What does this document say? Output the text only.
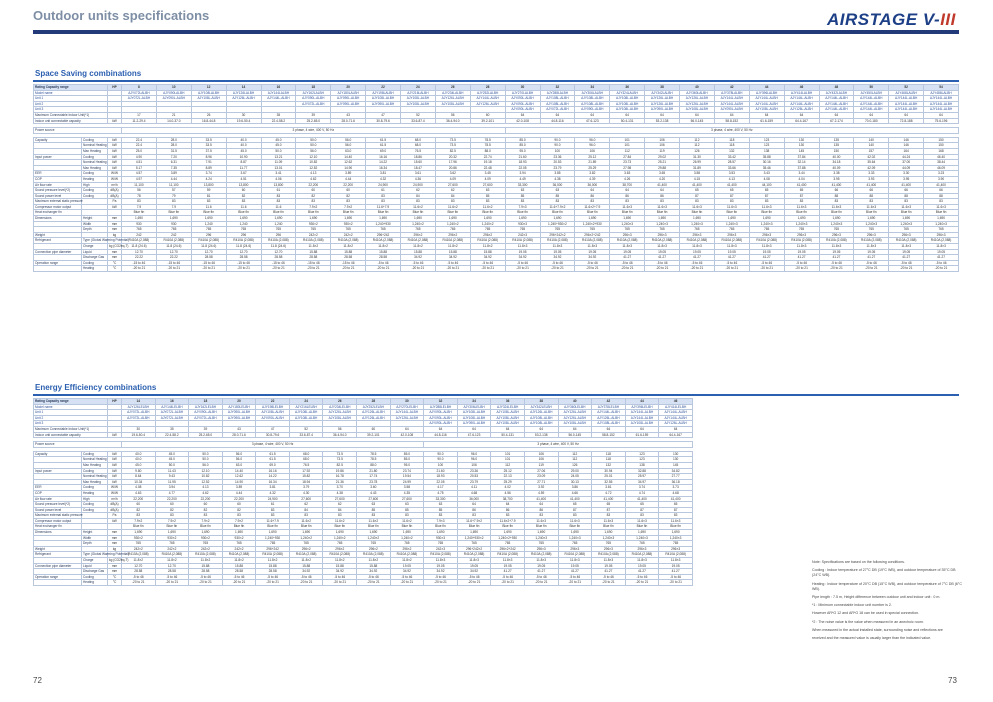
Outdoor units specifications	AIRSTAGE V-III
Space Saving combinations
Rating Capacity range		HP	8	10	12	14	16	18	20	22	24	26	28	30	32	34	36	38	40	42	44	46	48	50	52	54
Model name			AJY072LALBH	AJY090LALBH	AJY108LALBH	AJY126LALBH	AJY144LALBH	AJY162LALBH	AJY180LALBH	AJY198LALBH	AJY216LALBH	AJY234LALBH	AJY252LALBH	AJY270LALBH	AJY288LALBH	AJY306LALBH	AJY324LALBH	AJY342LALBH	AJY360LALBH	AJY378LALBH	AJY396LALBH	AJY414LALBH	AJY432LALBH	AJY450LALBH	AJY468LALBH	AJY486LALBH
Unit 1			AJY072L-ALBH	AJY090L-ALBH	AJY108L-ALBH	AJY126L-ALBH	AJY144L-ALBH	AJY090L-ALBH	AJY090L-ALBH	AJY108L-ALBH	AJY108L-ALBH	AJY126L-ALBH	AJY144L-ALBH	AJY090L-ALBH	AJY108L-ALBH	AJY108L-ALBH	AJY108L-ALBH	AJY126L-ALBH	AJY126L-ALBH	AJY144L-ALBH	AJY144L-ALBH	AJY144L-ALBH	AJY144L-ALBH	AJY144L-ALBH	AJY144L-ALBH	AJY144L-ALBH
Unit 2								AJY072L-ALBH	AJY090L-ALBH	AJY090L-ALBH	AJY108L-ALBH	AJY108L-ALBH	AJY126L-ALBH	AJY090L-ALBH	AJY108L-ALBH	AJY108L-ALBH	AJY108L-ALBH	AJY126L-ALBH	AJY126L-ALBH	AJY144L-ALBH	AJY144L-ALBH	AJY144L-ALBH	AJY144L-ALBH	AJY144L-ALBH	AJY144L-ALBH	AJY144L-ALBH
Unit 3														AJY090L-ALBH	AJY072L-ALBH	AJY090L-ALBH	AJY108L-ALBH	AJY090L-ALBH	AJY108L-ALBH	AJY090L-ALBH	AJY108L-ALBH	AJY126L-ALBH	AJY144L-ALBH	AJY144L-ALBH	AJY144L-ALBH	AJY144L-ALBH
Maximum Connectable Indoor Unit(*1)			17	21	26	30	35	39	43	47	52	56	60	64	64	64	64	64	64	64	64	64	64	64	64	64
Indoor unit connectable capacity		kW	11.2-29.4	14.0-37.0	16.8-44.8	19.6-50.4	22.4-58.2	25.2-65.0	28.0-71.6	30.8-79.6	33.6-87.4	36.4-94.0	39.2-101	42.0-108	44.8-116	47.6-123	50.4-131	53.2-138	56.0-145	58.8-152	61.6-159	64.4-167	67.2-174	70.0-180	72.8-188	75.6-196

Power source			3 phase, 4 wire, 400 V, 50 Hz											3 phase, 4 wire, 400 V, 50 Hz												

Capacity	Cooling	kW	22.4	28.0	33.5	40.0	45.0	50.0	56.0	61.5	68.0	73.5	78.5	85.0	90.0	96.0	101	106	112	118	123	130	135	140	146	150
	Nominal Heating	kW	22.4	28.0	33.5	40.0	45.0	50.0	56.0	61.5	68.0	73.5	78.5	85.0	90.0	96.0	101	106	112	118	123	130	135	140	146	150
	Max Heating	kW	25.0	31.5	37.5	45.0	50.0	56.0	63.0	69.0	76.5	82.5	88.0	95.0	100	106	112	119	126	132	138	145	150	157	164	168
Input power	Cooling	kW	4.90	7.20	8.96	10.90	13.21	12.10	14.40	16.16	18.86	20.32	22.74	21.60	23.36	25.12	27.84	29.02	31.30	33.42	35.88	37.84	40.00	42.02	44.24	46.40
	Nominal Heating	kW	4.51	6.31	7.91	8.87	11.09	10.82	12.62	14.22	15.60	17.96	19.18	18.93	20.53	21.89	23.73	25.21	26.99	28.57	30.16	32.14	34.18	35.64	37.00	38.44
	Max Heating	kW	5.17	7.35	8.89	11.77	13.01	12.52	14.90	16.34	18.47	20.86	22.48	22.05	23.79	25.29	27.98	29.88	31.89	33.66	35.46	37.88	40.09	42.09	44.09	46.09
EER	Cooling	W/W	4.57	3.89	3.74	3.67	3.41	4.13	3.89	3.81	3.61	3.62	3.45	3.94	3.85	3.82	3.63	3.65	3.58	3.53	3.43	3.44	3.38	3.33	3.30	3.23
COP	Heating	W/W	4.97	4.44	4.24	4.51	4.06	4.62	4.44	4.32	4.36	4.09	4.09	4.49	4.38	4.39	4.26	4.20	4.15	4.13	4.08	4.04	3.95	3.93	3.95	3.90
Air flow rate	High	m³/h	11,100	11,100	13,800	13,800	13,800	22,200	22,200	24,900	24,900	27,600	27,600	33,300	36,000	36,000	38,700	41,400	41,400	41,400	44,100	41,400	41,400	41,400	41,400	41,400
Sound pressure level(*2)	Cooling	dB(A)	56	57	59	60	61	60	60	61	62	62	63	63	63	64	64	64	65	65	65	65	66	66	66	66
Sound power level	Cooling	dB(A)	78	79	81	82	83	82	82	83	84	84	85	85	85	86	86	86	87	87	87	87	88	88	88	88
Maximum external static pressure		Pa	83	83	83	83	83	83	83	83	83	83	83	83	83	83	83	83	83	83	83	83	83	83	83	83
Compressor motor output		kW	7.9	7.9	11.6	11.6	11.6	7.9×2	7.9×2	11.6+7.9	11.6×2	11.6×2	11.6×2	7.9×3	11.6+7.9×2	11.6×2+7.9	11.6×3	11.6×3	11.6×3	11.6×3	11.6×3	11.6×3	11.6×3	11.6×3	11.6×3	11.6×3
Heat exchanger fin			Blue fin	Blue fin	Blue fin	Blue fin	Blue fin	Blue fin	Blue fin	Blue fin	Blue fin	Blue fin	Blue fin	Blue fin	Blue fin	Blue fin	Blue fin	Blue fin	Blue fin	Blue fin	Blue fin	Blue fin	Blue fin	Blue fin	Blue fin	Blue fin
Dimensions	Height	mm	1,690	1,690	1,690	1,690	1,690	1,690	1,690	1,690	1,690	1,690	1,690	1,690	1,690	1,690	1,690	1,690	1,690	1,690	1,690	1,690	1,690	1,690	1,690	1,690
	Width	mm	930	930	1,240	1,240	1,240	930×2	930×2	1,240+930	1,240×2	1,240×2	1,240×2	930×3	1,240+930×2	1,240×2+930	1,240×3	1,240×3	1,240×3	1,240×3	1,240×3	1,240×3	1,240×3	1,240×3	1,240×3	1,240×3
	Depth	mm	765	765	765	765	765	765	765	765	765	765	765	765	765	765	765	765	765	765	765	765	765	765	765	765
Weight		kg	242	242	296	296	296	242×2	242×2	296+242	296×2	296×2	296×2	242×3	296+242×2	296×2+242	296×3	296×3	296×3	296×3	296×3	296×3	296×3	296×3	296×3	296×3
Refrigerant	Type (Global Warming Potential)		R410A (2,088)	R410A (2,088)	R410A (2,088)	R410A (2,088)	R410A (2,088)	R410A (2,088)	R410A (2,088)	R410A (2,088)	R410A (2,088)	R410A (2,088)	R410A (2,088)	R410A (2,088)	R410A (2,088)	R410A (2,088)	R410A (2,088)	R410A (2,088)	R410A (2,088)	R410A (2,088)	R410A (2,088)	R410A (2,088)	R410A (2,088)	R410A (2,088)	R410A (2,088)	R410A (2,088)
	Charge	kg (CO2eq-T)	11.8 (24.6)	11.8 (24.6)	11.8 (24.6)	11.8 (24.6)	11.8 (24.6)	11.8×2	11.8×2	11.8×2	11.8×2	11.8×2	11.8×2	11.8×3	11.8×3	11.8×3	11.8×3	11.8×3	11.8×3	11.8×3	11.8×3	11.8×3	11.8×3	11.8×3	11.8×3	11.8×3
Connection pipe diameter	Liquid	mm	12.70	12.70	12.70	12.70	12.70	15.88	15.88	15.88	15.88	15.88	15.88	19.05	19.05	19.05	19.05	19.05	19.05	19.05	19.05	19.05	19.05	19.05	19.05	19.05
	Discharge Gas	mm	22.22	22.22	28.58	28.58	28.58	28.58	28.58	28.58	34.92	34.92	34.92	34.92	34.92	34.92	41.27	41.27	41.27	41.27	41.27	41.27	41.27	41.27	41.27	41.27
Operation range	Cooling	°C	-15 to 46	-15 to 46	-15 to 46	-15 to 46	-15 to 46	-15 to 46	-15 to 46	-5 to 46	-5 to 46	-5 to 46	-5 to 46	-5 to 46	-5 to 46	-5 to 46	-5 to 46	-5 to 46	-5 to 46	-5 to 46	-5 to 46	-5 to 46	-5 to 46	-5 to 46	-5 to 46	-5 to 46
	Heating	°C	-20 to 21	-20 to 21	-20 to 21	-20 to 21	-20 to 21	-20 to 21	-20 to 21	-20 to 21	-20 to 21	-20 to 21	-20 to 21	-20 to 21	-20 to 21	-20 to 21	-20 to 21	-20 to 21	-20 to 21	-20 to 21	-20 to 21	-20 to 21	-20 to 21	-20 to 21	-20 to 21	-20 to 21
Energy Efficiency combinations
Rating Capacity range		HP	14	16	18	20	22	24	26	28	30	32	34	36	38	40	42	44	46
Model name			AJY126LELBH	AJY144LELBH	AJY162LELBH	AJY180LELBH	AJY198LELBH	AJY216LELBH	AJY234LELBH	AJY252LELBH	AJY270LELBH	AJY288LELBH	AJY306LELBH	AJY324LELBH	AJY342LELBH	AJY360LELBH	AJY378LELBH	AJY396LELBH	AJY414LELBH
Unit 1			AJY072L-ALBH	AJY072L-ALBH	AJY090L-ALBH	AJY090L-ALBH	AJY108L-ALBH	AJY108L-ALBH	AJY126L-ALBH	AJY126L-ALBH	AJY144L-ALBH	AJY090L-ALBH	AJY108L-ALBH	AJY108L-ALBH	AJY126L-ALBH	AJY126L-ALBH	AJY144L-ALBH	AJY144L-ALBH	AJY144L-ALBH
Unit 2			AJY072L-ALBH	AJY072L-ALBH	AJY072L-ALBH	AJY090L-ALBH	AJY090L-ALBH	AJY108L-ALBH	AJY108L-ALBH	AJY126L-ALBH	AJY126L-ALBH	AJY090L-ALBH	AJY108L-ALBH	AJY108L-ALBH	AJY108L-ALBH	AJY126L-ALBH	AJY126L-ALBH	AJY144L-ALBH	AJY144L-ALBH
Unit 3												AJY090L-ALBH	AJY090L-ALBH	AJY108L-ALBH	AJY108L-ALBH	AJY108L-ALBH	AJY108L-ALBH	AJY108L-ALBH	AJY126L-ALBH
Maximum Connectable Indoor Unit(*1)			30	35	39	43	47	52	56	60	64	64	64	64	64	64	64	64	64
Indoor unit connectable capacity		kW	19.6-50.4	22.4-58.2	25.2-65.0	28.0-71.6	30.8-79.6	33.6-87.4	36.4-94.0	39.2-101	42.0-108	44.8-116	47.6-123	50.4-131	53.2-138	56.0-145	58.8-152	61.6-159	64.4-167

Power source			3 phase, 4 wire, 400 V, 50 Hz									3 phase, 4 wire, 400 V, 50 Hz							

Capacity	Cooling	kW	40.0	45.0	50.0	56.0	61.5	68.0	73.5	78.5	85.0	90.0	96.0	101	106	112	118	123	130
	Nominal Heating	kW	40.0	45.0	50.0	56.0	61.5	68.0	73.5	78.5	85.0	90.0	96.0	101	106	112	118	123	130
	Max Heating	kW	45.0	50.0	56.0	63.0	69.0	76.5	82.5	88.0	95.0	100	106	112	119	126	132	138	145
Input power	Cooling	kW	9.80	11.43	12.10	14.40	16.16	17.92	19.86	21.80	23.74	21.60	23.36	25.12	27.06	29.00	30.94	32.88	34.82
	Nominal Heating	kW	8.64	9.43	10.82	12.62	14.22	15.82	16.78	17.74	19.54	18.93	20.53	22.13	23.09	24.05	25.01	25.97	27.77
	Max Heating	kW	10.34	11.95	12.52	14.90	16.34	18.94	21.36	23.78	24.99	22.05	23.79	25.29	27.71	30.13	32.55	34.97	36.18
EER	Cooling	W/W	4.08	3.94	4.13	3.89	3.81	3.79	3.70	3.60	3.58	4.17	4.11	4.02	3.92	3.86	3.81	3.74	3.73
COP	Heating	W/W	4.63	4.77	4.62	4.44	4.32	4.30	4.38	4.43	4.35	4.75	4.68	4.56	4.59	4.66	4.72	4.74	4.68
Air flow rate	High	m³/h	22,200	22,200	22,200	22,200	24,900	27,600	27,600	27,600	27,600	33,300	36,000	38,700	41,400	41,400	41,400	41,400	41,400
Sound pressure level(*2)	Cooling	dB(A)	60	60	60	60	61	62	62	63	63	63	64	64	64	65	65	65	65
Sound power level	Cooling	dB(A)	82	82	82	82	83	84	84	85	85	85	86	86	86	87	87	87	87
Maximum external static pressure		Pa	83	83	83	83	83	83	83	83	83	83	83	83	83	83	83	83	83
Compressor motor output		kW	7.9×2	7.9×2	7.9×2	7.9×2	11.6+7.9	11.6×2	11.6×2	11.6×2	11.6×2	7.9×3	11.6+7.9×2	11.6×2+7.9	11.6×3	11.6×3	11.6×3	11.6×3	11.6×3
Heat exchanger fin			Blue fin	Blue fin	Blue fin	Blue fin	Blue fin	Blue fin	Blue fin	Blue fin	Blue fin	Blue fin	Blue fin	Blue fin	Blue fin	Blue fin	Blue fin	Blue fin	Blue fin
Dimensions	Height	mm	1,690	1,690	1,690	1,690	1,690	1,690	1,690	1,690	1,690	1,690	1,690	1,690	1,690	1,690	1,690	1,690	1,690
	Width	mm	930×2	930×2	930×2	930×2	1,240+930	1,240×2	1,240×2	1,240×2	1,240×2	930×3	1,240+930×2	1,240×2+930	1,240×3	1,240×3	1,240×3	1,240×3	1,240×3
	Depth	mm	765	765	765	765	765	765	765	765	765	765	765	765	765	765	765	765	765
Weight		kg	242×2	242×2	242×2	242×2	296+242	296×2	296×2	296×2	296×2	242×3	296+242×2	296×2+242	296×3	296×3	296×3	296×3	296×3
Refrigerant	Type (Global Warming Potential)		R410A (2,088)	R410A (2,088)	R410A (2,088)	R410A (2,088)	R410A (2,088)	R410A (2,088)	R410A (2,088)	R410A (2,088)	R410A (2,088)	R410A (2,088)	R410A (2,088)	R410A (2,088)	R410A (2,088)	R410A (2,088)	R410A (2,088)	R410A (2,088)	R410A (2,088)
	Charge	kg (CO2eq-T)	11.8×2	11.8×2	11.8×2	11.8×2	11.8×2	11.8×2	11.8×2	11.8×2	11.8×2	11.8×3	11.8×3	11.8×3	11.8×3	11.8×3	11.8×3	11.8×3	11.8×3
Connection pipe diameter	Liquid	mm	12.70	12.70	15.88	15.88	15.88	15.88	15.88	15.88	19.05	19.05	19.05	19.05	19.05	19.05	19.05	19.05	19.05
	Discharge Gas	mm	28.58	28.58	28.58	28.58	28.58	34.92	34.92	34.92	34.92	34.92	34.92	41.27	41.27	41.27	41.27	41.27	41.27
Operation range	Cooling	°C	-5 to 46	-5 to 46	-5 to 46	-5 to 46	-5 to 46	-5 to 46	-5 to 46	-5 to 46	-5 to 46	-5 to 46	-5 to 46	-5 to 46	-5 to 46	-5 to 46	-5 to 46	-5 to 46	-5 to 46
	Heating	°C	-20 to 21	-20 to 21	-20 to 21	-20 to 21	-20 to 21	-20 to 21	-20 to 21	-20 to 21	-20 to 21	-20 to 21	-20 to 21	-20 to 21	-20 to 21	-20 to 21	-20 to 21	-20 to 21	-20 to 21

Note: Specifications are based on the following conditions.

Cooling : Indoor temperature of 27°C DB (19°C WB), and outdoor temperature of 35°C DB (24°C WB).

Heating : Indoor temperature of 20°C DB (15°C WB), and outdoor temperature of 7°C DB (6°C WB).

Pipe length : 7.5 m, Height difference between outdoor unit and indoor unit : 0 m.

*1 : Minimum connectable indoor unit number is 2.

However AR*G 12 and AR*G 18 can be used in special connection.

*2 : The noise value is the value when measured in an anechoic room.

When measured in the actual installed state, surrounding noise and reflections are

received and the measured value is usually larger than the indicated value.

72	73
